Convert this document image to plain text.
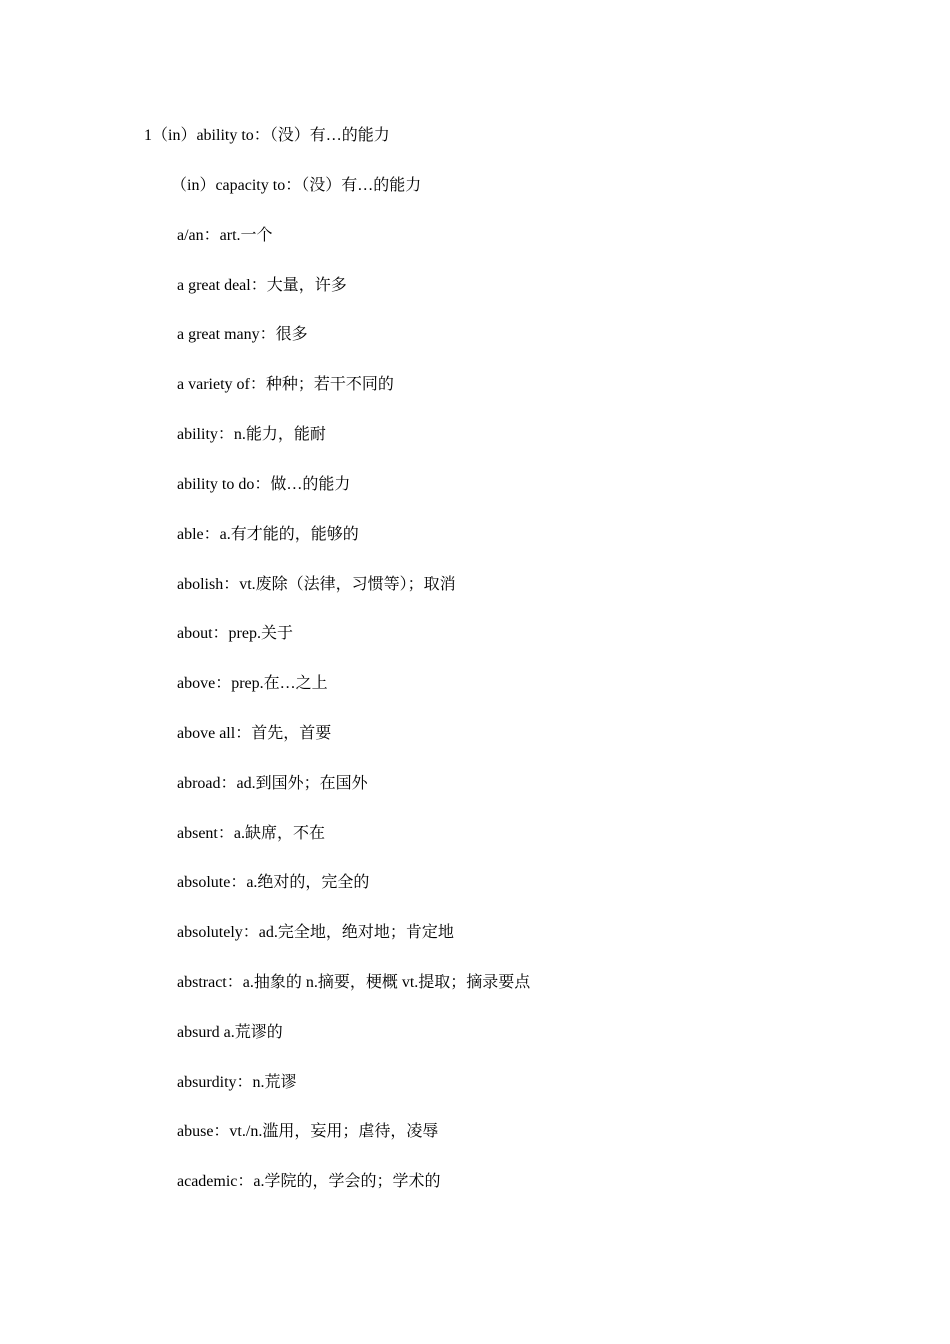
1（in）ability to：（没）有…的能力
（in）capacity to：（没）有…的能力
a/an：art.一个
a great deal：大量，许多
a great many：很多
a variety of：种种；若干不同的
ability：n.能力，能耐
ability to do：做…的能力
able：a.有才能的，能够的
abolish：vt.废除（法律，习惯等）；取消
about：prep.关于
above：prep.在…之上
above all：首先，首要
abroad：ad.到国外；在国外
absent：a.缺席，不在
absolute：a.绝对的，完全的
absolutely：ad.完全地，绝对地；肯定地
abstract：a.抽象的 n.摘要，梗概 vt.提取；摘录要点
absurd a.荒谬的
absurdity：n.荒谬
abuse：vt./n.滥用，妄用；虐待，凌辱
academic：a.学院的，学会的；学术的
